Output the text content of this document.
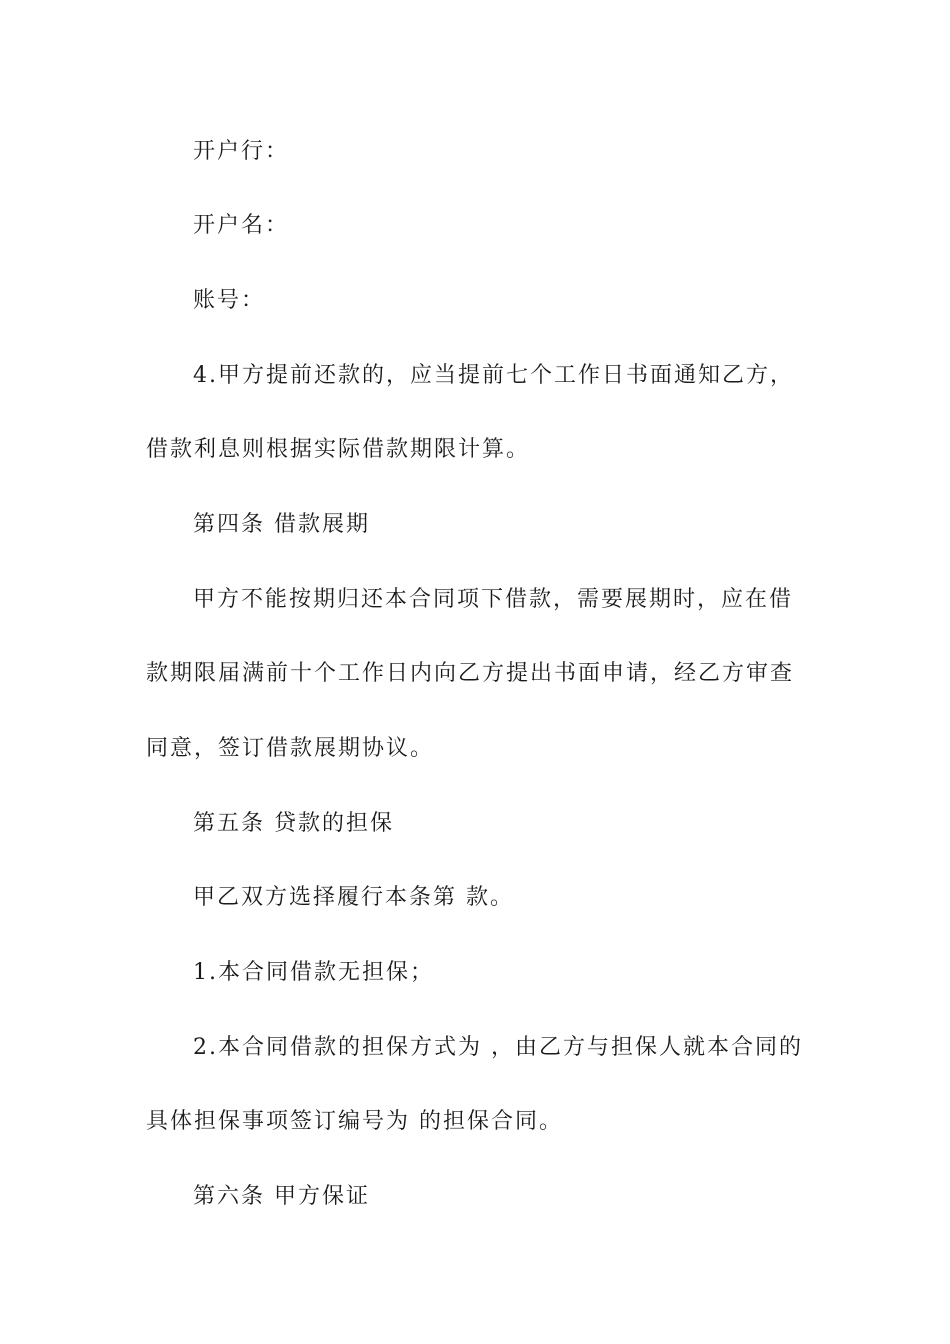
开户行：
开户名：
账号：
4.甲方提前还款的，应当提前七个工作日书面通知乙方，
借款利息则根据实际借款期限计算。
第四条 借款展期
甲方不能按期归还本合同项下借款，需要展期时，应在借
款期限届满前十个工作日内向乙方提出书面申请，经乙方审查
同意，签订借款展期协议。
第五条 贷款的担保
甲乙双方选择履行本条第 款。
1.本合同借款无担保；
2.本合同借款的担保方式为 ，由乙方与担保人就本合同的
具体担保事项签订编号为 的担保合同。
第六条 甲方保证
